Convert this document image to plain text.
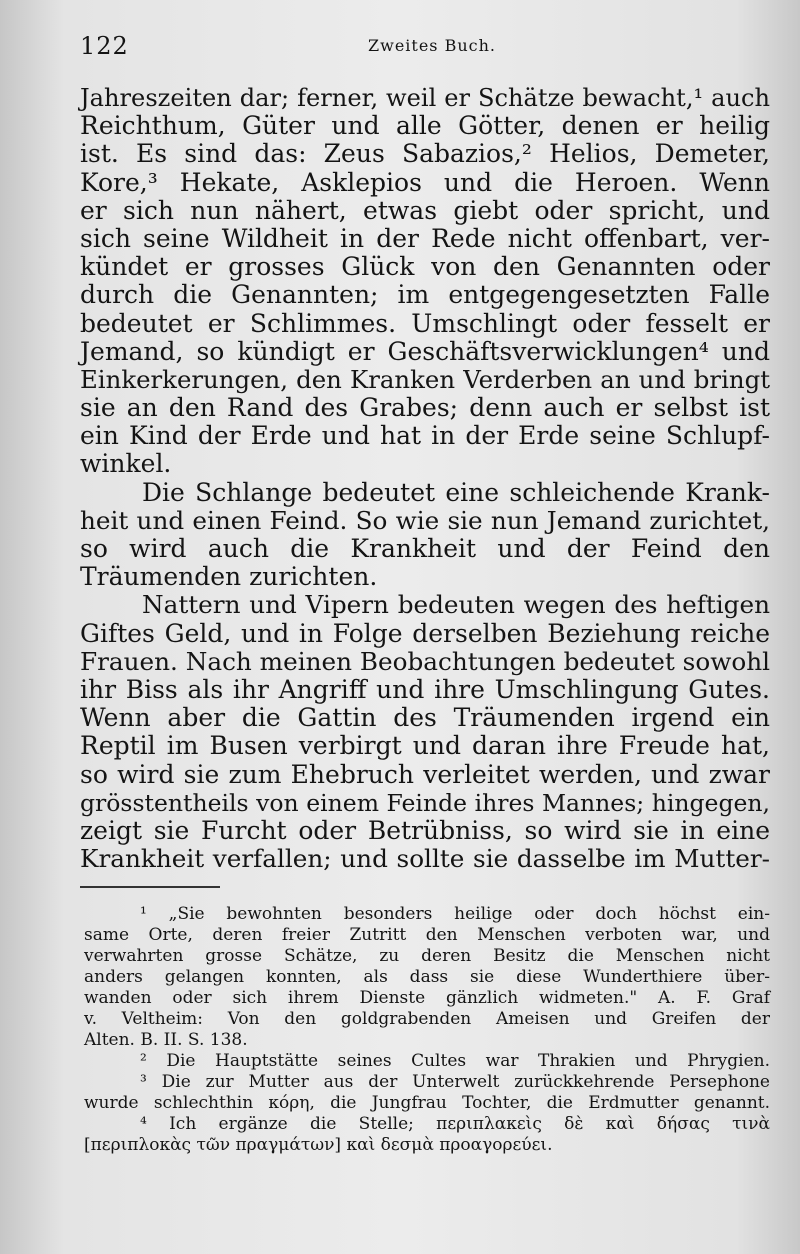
122	Zweites Buch.
Jahreszeiten dar; ferner, weil er Schätze bewacht,¹ auch
Reichthum, Güter und alle Götter, denen er heilig
ist. Es sind das: Zeus Sabazios,² Helios, Demeter,
Kore,³ Hekate, Asklepios und die Heroen. Wenn
er sich nun nähert, etwas giebt oder spricht, und
sich seine Wildheit in der Rede nicht offenbart, ver-
kündet er grosses Glück von den Genannten oder
durch die Genannten; im entgegengesetzten Falle
bedeutet er Schlimmes. Umschlingt oder fesselt er
Jemand, so kündigt er Geschäftsverwicklungen⁴ und
Einkerkerungen, den Kranken Verderben an und bringt
sie an den Rand des Grabes; denn auch er selbst ist
ein Kind der Erde und hat in der Erde seine Schlupf-
winkel.
Die Schlange bedeutet eine schleichende Krank-
heit und einen Feind. So wie sie nun Jemand zurichtet,
so wird auch die Krankheit und der Feind den
Träumenden zurichten.
Nattern und Vipern bedeuten wegen des heftigen
Giftes Geld, und in Folge derselben Beziehung reiche
Frauen. Nach meinen Beobachtungen bedeutet sowohl
ihr Biss als ihr Angriff und ihre Umschlingung Gutes.
Wenn aber die Gattin des Träumenden irgend ein
Reptil im Busen verbirgt und daran ihre Freude hat,
so wird sie zum Ehebruch verleitet werden, und zwar
grösstentheils von einem Feinde ihres Mannes; hingegen,
zeigt sie Furcht oder Betrübniss, so wird sie in eine
Krankheit verfallen; und sollte sie dasselbe im Mutter-
¹ „Sie bewohnten besonders heilige oder doch höchst ein-
same Orte, deren freier Zutritt den Menschen verboten war, und
verwahrten grosse Schätze, zu deren Besitz die Menschen nicht
anders gelangen konnten, als dass sie diese Wunderthiere über-
wanden oder sich ihrem Dienste gänzlich widmeten." A. F. Graf
v. Veltheim: Von den goldgrabenden Ameisen und Greifen der
Alten. B. II. S. 138.
² Die Hauptstätte seines Cultes war Thrakien und Phrygien.
³ Die zur Mutter aus der Unterwelt zurückkehrende Persephone
wurde schlechthin κόρη, die Jungfrau Tochter, die Erdmutter genannt.
⁴ Ich ergänze die Stelle; περιπλακεὶς δὲ καὶ δήσας τινὰ
[περιπλοκὰς τῶν πραγμάτων] καὶ δεσμὰ προαγορεύει.
